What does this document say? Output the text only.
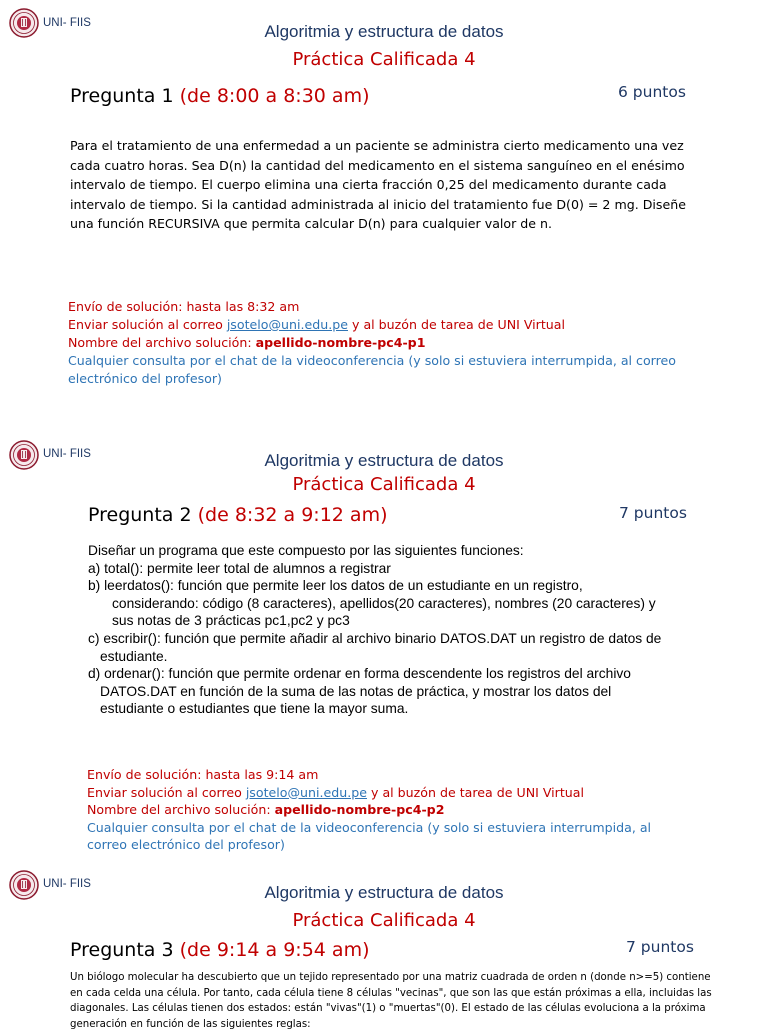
UNI- FIIS	Algoritmia y estructura de datos
Práctica Calificada 4
Pregunta 1 (de 8:00 a 8:30 am)	6 puntos
Para el tratamiento de una enfermedad a un paciente se administra cierto medicamento una vez
cada cuatro horas. Sea D(n) la cantidad del medicamento en el sistema sanguíneo en el enésimo
intervalo de tiempo. El cuerpo elimina una cierta fracción 0,25 del medicamento durante cada
intervalo de tiempo. Si la cantidad administrada al inicio del tratamiento fue D(0) = 2 mg. Diseñe
una función RECURSIVA que permita calcular D(n) para cualquier valor de n.
Envío de solución: hasta las 8:32 am
Enviar solución al correo jsotelo@uni.edu.pe y al buzón de tarea de UNI Virtual
Nombre del archivo solución: apellido-nombre-pc4-p1
Cualquier consulta por el chat de la videoconferencia (y solo si estuviera interrumpida, al correo
electrónico del profesor)
UNI- FIIS	Algoritmia y estructura de datos
Práctica Calificada 4
Pregunta 2 (de 8:32 a 9:12 am)	7 puntos
Diseñar un programa que este compuesto por las siguientes funciones:
a) total(): permite leer total de alumnos a registrar
b) leerdatos(): función que permite leer los datos de un estudiante en un registro,
considerando: código (8 caracteres), apellidos(20 caracteres), nombres (20 caracteres) y
sus notas de 3 prácticas pc1,pc2 y pc3
c) escribir(): función que permite añadir al archivo binario DATOS.DAT un registro de datos de
estudiante.
d) ordenar(): función que permite ordenar en forma descendente los registros del archivo
DATOS.DAT en función de la suma de las notas de práctica, y mostrar los datos del
estudiante o estudiantes que tiene la mayor suma.
Envío de solución: hasta las 9:14 am
Enviar solución al correo jsotelo@uni.edu.pe y al buzón de tarea de UNI Virtual
Nombre del archivo solución: apellido-nombre-pc4-p2
Cualquier consulta por el chat de la videoconferencia (y solo si estuviera interrumpida, al
correo electrónico del profesor)
UNI- FIIS	Algoritmia y estructura de datos
Práctica Calificada 4
Pregunta 3 (de 9:14 a 9:54 am)	7 puntos
Un biólogo molecular ha descubierto que un tejido representado por una matriz cuadrada de orden n (donde n>=5) contiene
en cada celda una célula. Por tanto, cada célula tiene 8 células "vecinas", que son las que están próximas a ella, incluidas las
diagonales. Las células tienen dos estados: están "vivas"(1) o "muertas"(0). El estado de las células evoluciona a la próxima
generación en función de las siguientes reglas:
